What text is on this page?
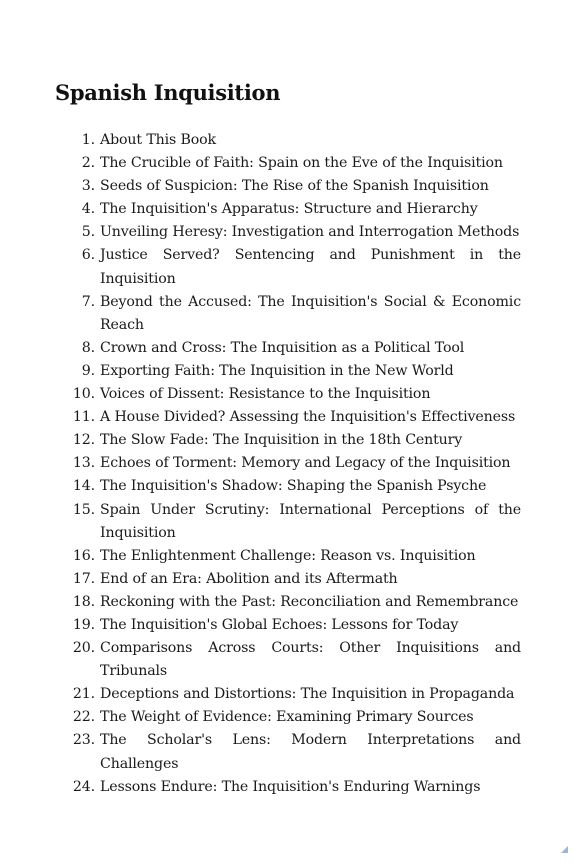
Spanish Inquisition
1. About This Book
2. The Crucible of Faith: Spain on the Eve of the Inquisition
3. Seeds of Suspicion: The Rise of the Spanish Inquisition
4. The Inquisition's Apparatus: Structure and Hierarchy
5. Unveiling Heresy: Investigation and Interrogation Methods
6. Justice Served? Sentencing and Punishment in the Inquisition
7. Beyond the Accused: The Inquisition's Social & Economic Reach
8. Crown and Cross: The Inquisition as a Political Tool
9. Exporting Faith: The Inquisition in the New World
10. Voices of Dissent: Resistance to the Inquisition
11. A House Divided? Assessing the Inquisition's Effectiveness
12. The Slow Fade: The Inquisition in the 18th Century
13. Echoes of Torment: Memory and Legacy of the Inquisition
14. The Inquisition's Shadow: Shaping the Spanish Psyche
15. Spain Under Scrutiny: International Perceptions of the Inquisition
16. The Enlightenment Challenge: Reason vs. Inquisition
17. End of an Era: Abolition and its Aftermath
18. Reckoning with the Past: Reconciliation and Remembrance
19. The Inquisition's Global Echoes: Lessons for Today
20. Comparisons Across Courts: Other Inquisitions and Tribunals
21. Deceptions and Distortions: The Inquisition in Propaganda
22. The Weight of Evidence: Examining Primary Sources
23. The Scholar's Lens: Modern Interpretations and Challenges
24. Lessons Endure: The Inquisition's Enduring Warnings
